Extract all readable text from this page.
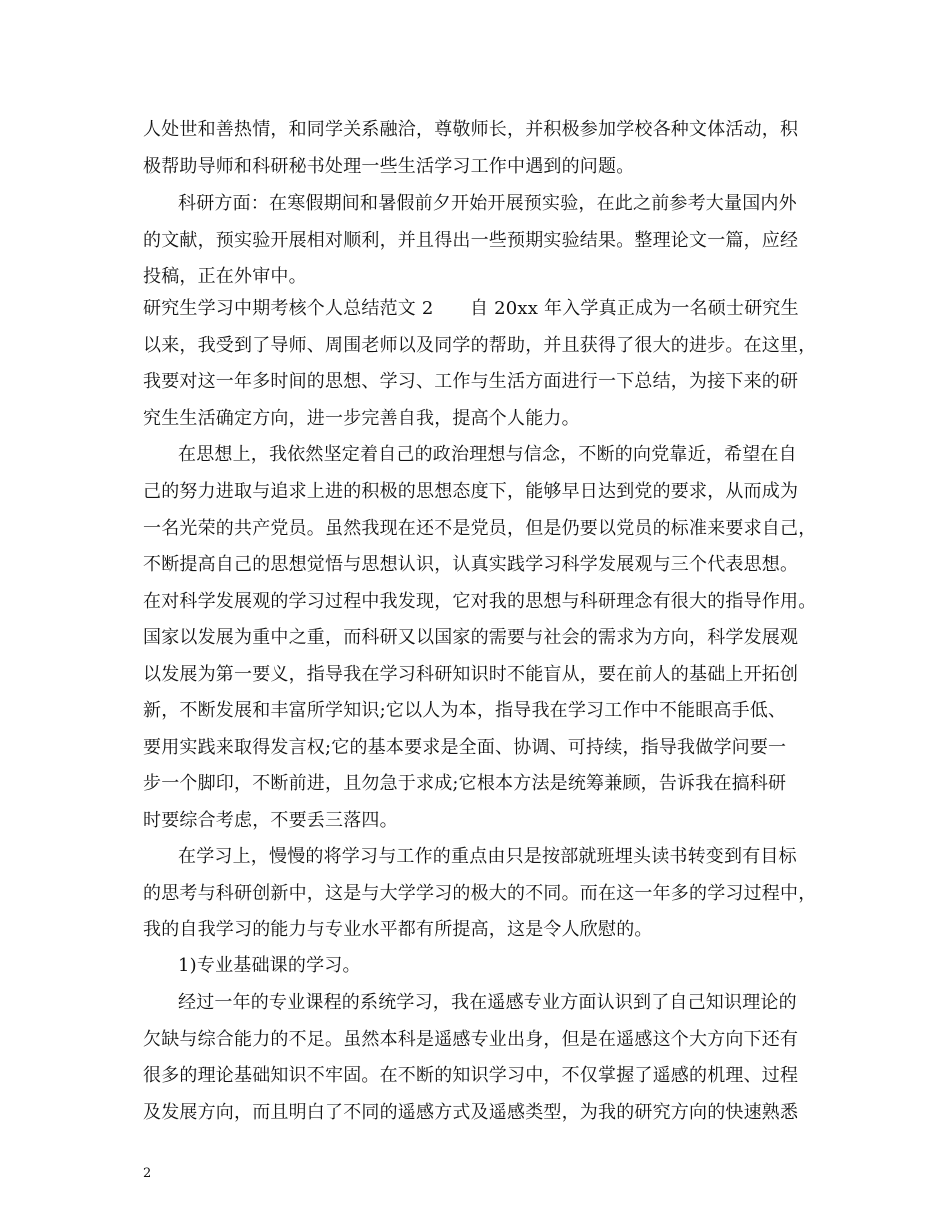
人处世和善热情，和同学关系融洽，尊敬师长，并积极参加学校各种文体活动，积
极帮助导师和科研秘书处理一些生活学习工作中遇到的问题。
科研方面：在寒假期间和暑假前夕开始开展预实验，在此之前参考大量国内外
的文献，预实验开展相对顺利，并且得出一些预期实验结果。整理论文一篇，应经
投稿，正在外审中。
研究生学习中期考核个人总结范文 2　　自 20xx 年入学真正成为一名硕士研究生
以来，我受到了导师、周围老师以及同学的帮助，并且获得了很大的进步。在这里，
我要对这一年多时间的思想、学习、工作与生活方面进行一下总结，为接下来的研
究生生活确定方向，进一步完善自我，提高个人能力。
在思想上，我依然坚定着自己的政治理想与信念，不断的向党靠近，希望在自
己的努力进取与追求上进的积极的思想态度下，能够早日达到党的要求，从而成为
一名光荣的共产党员。虽然我现在还不是党员，但是仍要以党员的标准来要求自己，
不断提高自己的思想觉悟与思想认识，认真实践学习科学发展观与三个代表思想。
在对科学发展观的学习过程中我发现，它对我的思想与科研理念有很大的指导作用。
国家以发展为重中之重，而科研又以国家的需要与社会的需求为方向，科学发展观
以发展为第一要义，指导我在学习科研知识时不能盲从，要在前人的基础上开拓创
新，不断发展和丰富所学知识;它以人为本，指导我在学习工作中不能眼高手低、
要用实践来取得发言权;它的基本要求是全面、协调、可持续，指导我做学问要一
步一个脚印，不断前进，且勿急于求成;它根本方法是统筹兼顾，告诉我在搞科研
时要综合考虑，不要丢三落四。
在学习上，慢慢的将学习与工作的重点由只是按部就班埋头读书转变到有目标
的思考与科研创新中，这是与大学学习的极大的不同。而在这一年多的学习过程中，
我的自我学习的能力与专业水平都有所提高，这是令人欣慰的。
1)专业基础课的学习。
经过一年的专业课程的系统学习，我在遥感专业方面认识到了自己知识理论的
欠缺与综合能力的不足。虽然本科是遥感专业出身，但是在遥感这个大方向下还有
很多的理论基础知识不牢固。在不断的知识学习中，不仅掌握了遥感的机理、过程
及发展方向，而且明白了不同的遥感方式及遥感类型，为我的研究方向的快速熟悉
2
